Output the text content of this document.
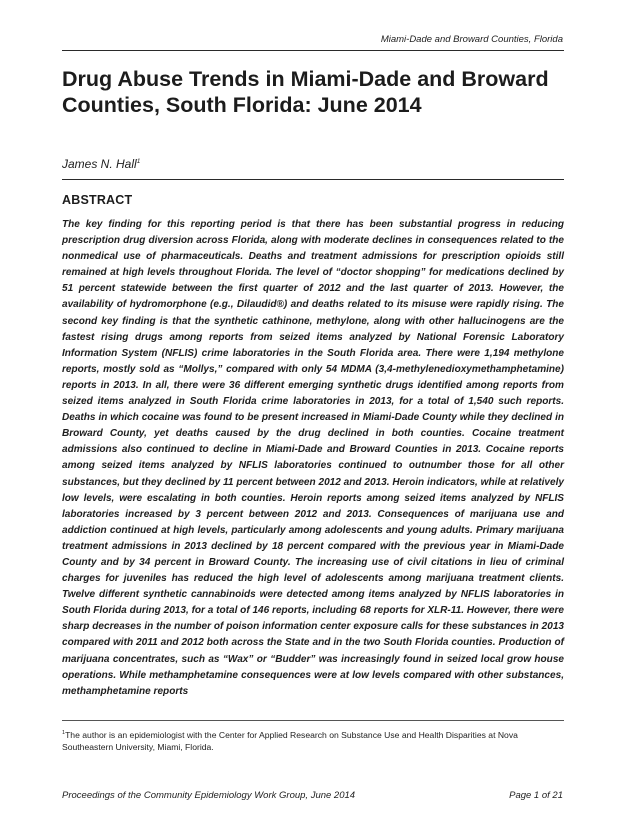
Miami-Dade and Broward Counties, Florida
Drug Abuse Trends in Miami-Dade and Broward Counties, South Florida: June 2014
James N. Hall$^1$
ABSTRACT

The key finding for this reporting period is that there has been substantial progress in reducing prescription drug diversion across Florida, along with moderate declines in consequences related to the nonmedical use of pharmaceuticals. Deaths and treatment admissions for prescription opioids still remained at high levels throughout Florida. The level of “doctor shopping” for medications declined by 51 percent statewide between the first quarter of 2012 and the last quarter of 2013. However, the availability of hydromorphone (e.g., Dilaudid®) and deaths related to its misuse were rapidly rising. The second key finding is that the synthetic cathinone, methylone, along with other hallucinogens are the fastest rising drugs among reports from seized items analyzed by National Forensic Laboratory Information System (NFLIS) crime laboratories in the South Florida area. There were 1,194 methylone reports, mostly sold as “Mollys,” compared with only 54 MDMA (3,4-methylenedioxymethamphetamine) reports in 2013. In all, there were 36 different emerging synthetic drugs identified among reports from seized items analyzed in South Florida crime laboratories in 2013, for a total of 1,540 such reports. Deaths in which cocaine was found to be present increased in Miami-Dade County while they declined in Broward County, yet deaths caused by the drug declined in both counties. Cocaine treatment admissions also continued to decline in Miami-Dade and Broward Counties in 2013. Cocaine reports among seized items analyzed by NFLIS laboratories continued to outnumber those for all other substances, but they declined by 11 percent between 2012 and 2013. Heroin indicators, while at relatively low levels, were escalating in both counties. Heroin reports among seized items analyzed by NFLIS laboratories increased by 3 percent between 2012 and 2013. Consequences of marijuana use and addiction continued at high levels, particularly among adolescents and young adults. Primary marijuana treatment admissions in 2013 declined by 18 percent compared with the previous year in Miami-Dade County and by 34 percent in Broward County. The increasing use of civil citations in lieu of criminal charges for juveniles has reduced the high level of adolescents among marijuana treatment clients. Twelve different synthetic cannabinoids were detected among items analyzed by NFLIS laboratories in South Florida during 2013, for a total of 146 reports, including 68 reports for XLR-11. However, there were sharp decreases in the number of poison information center exposure calls for these substances in 2013 compared with 2011 and 2012 both across the State and in the two South Florida counties. Production of marijuana concentrates, such as “Wax” or “Budder” was increasingly found in seized local grow house operations. While methamphetamine consequences were at low levels compared with other substances, methamphetamine reports

$^1$The author is an epidemiologist with the Center for Applied Research on Substance Use and Health Disparities at Nova Southeastern University, Miami, Florida.

Proceedings of the Community Epidemiology Work Group, June 2014	Page 1 of 21
